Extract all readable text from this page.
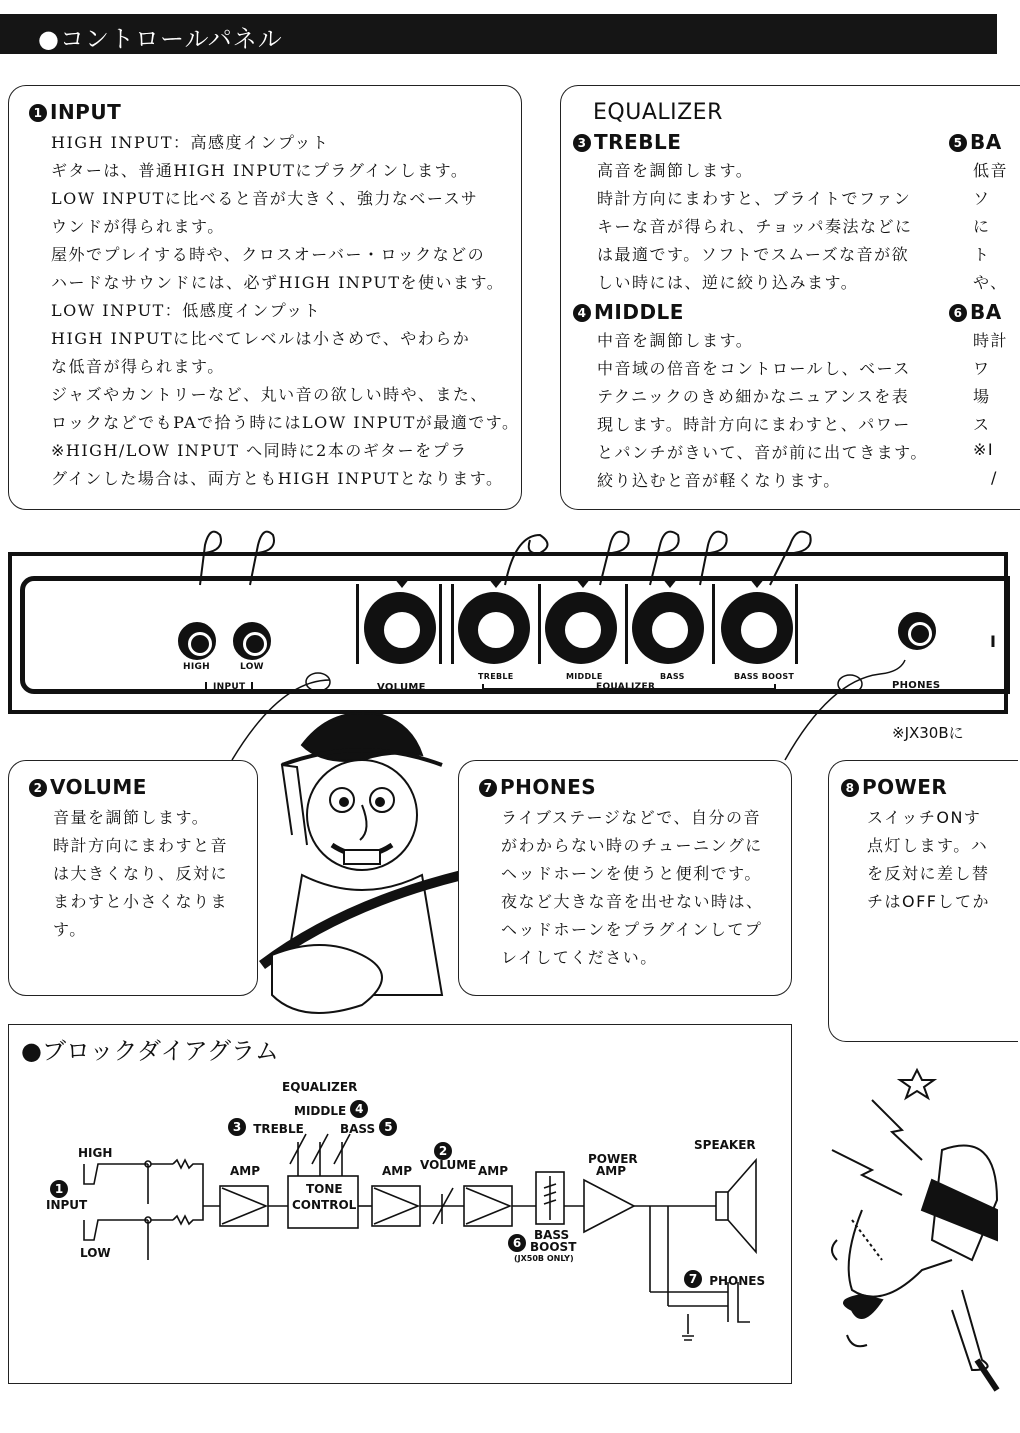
●コントロールパネル
1 INPUT
HIGH INPUT：高感度インプット
ギターは、普通HIGH INPUTにプラグインします。
LOW INPUTに比べると音が大きく、強力なベースサ
ウンドが得られます。
屋外でプレイする時や、クロスオーバー・ロックなどの
ハードなサウンドには、必ずHIGH INPUTを使います。
LOW INPUT：低感度インプット
HIGH INPUTに比べてレベルは小さめで、やわらか
な低音が得られます。
ジャズやカントリーなど、丸い音の欲しい時や、また、
ロックなどでもPAで拾う時にはLOW INPUTが最適です。
※HIGH/LOW INPUT へ同時に2本のギターをプラ
グインした場合は、両方ともHIGH INPUTとなります。
EQUALIZER
3 TREBLE
高音を調節します。
時計方向にまわすと、ブライトでファン
キーな音が得られ、チョッパ奏法などに
は最適です。ソフトでスムーズな音が欲
しい時には、逆に絞り込みます。
4 MIDDLE
中音を調節します。
中音域の倍音をコントロールし、ベース
テクニックのきめ細かなニュアンスを表
現します。時計方向にまわすと、パワー
とパンチがきいて、音が前に出てきます。
絞り込むと音が軽くなります。
5 BA
低音
ソ
に
ト
や、
6 BA
時計
ワ
場
ス
※I
/
HIGH	LOW
INPUT	VOLUME
TREBLE	MIDDLE	BASS	BASS BOOST
EQUALIZER	PHONES
I
※JX30Bに
2 VOLUME
音量を調節します。
時計方向にまわすと音
は大きくなり、反対に
まわすと小さくなりま
す。
7 PHONES
ライブステージなどで、自分の音
がわからない時のチューニングに
ヘッドホーンを使うと便利です。
夜など大きな音を出せない時は、
ヘッドホーンをプラグインしてプ
レイしてください。
8 POWER
スイッチONす
点灯します。ハ
を反対に差し替
チはOFFしてか
●ブロックダイアグラム
EQUALIZER
MIDDLE 4
3 TREBLE	BASS 5
HIGH
1
INPUT
LOW
AMP
TONE
CONTROL
AMP
2
VOLUME AMP
POWER
AMP
SPEAKER
BASS
6 BOOST
(JX50B ONLY)
7 PHONES
